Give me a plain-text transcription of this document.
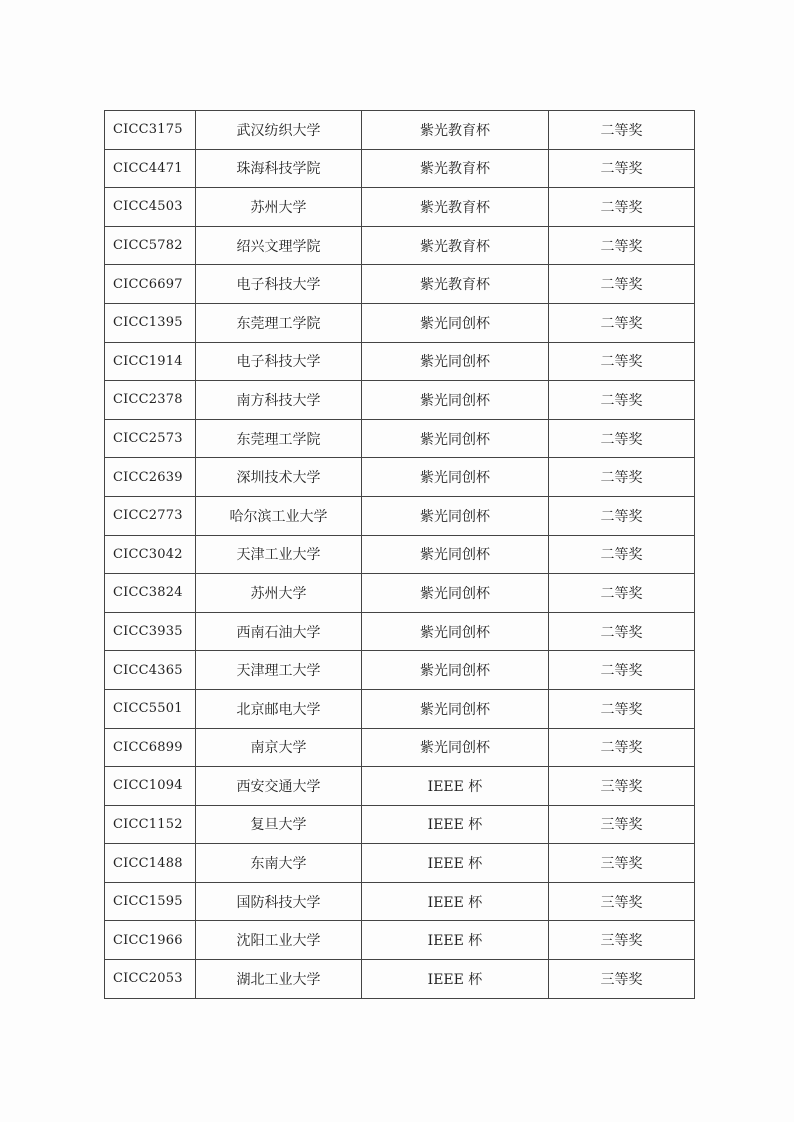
CICC3175	武汉纺织大学	紫光教育杯	二等奖
CICC4471	珠海科技学院	紫光教育杯	二等奖
CICC4503	苏州大学	紫光教育杯	二等奖
CICC5782	绍兴文理学院	紫光教育杯	二等奖
CICC6697	电子科技大学	紫光教育杯	二等奖
CICC1395	东莞理工学院	紫光同创杯	二等奖
CICC1914	电子科技大学	紫光同创杯	二等奖
CICC2378	南方科技大学	紫光同创杯	二等奖
CICC2573	东莞理工学院	紫光同创杯	二等奖
CICC2639	深圳技术大学	紫光同创杯	二等奖
CICC2773	哈尔滨工业大学	紫光同创杯	二等奖
CICC3042	天津工业大学	紫光同创杯	二等奖
CICC3824	苏州大学	紫光同创杯	二等奖
CICC3935	西南石油大学	紫光同创杯	二等奖
CICC4365	天津理工大学	紫光同创杯	二等奖
CICC5501	北京邮电大学	紫光同创杯	二等奖
CICC6899	南京大学	紫光同创杯	二等奖
CICC1094	西安交通大学	IEEE 杯	三等奖
CICC1152	复旦大学	IEEE 杯	三等奖
CICC1488	东南大学	IEEE 杯	三等奖
CICC1595	国防科技大学	IEEE 杯	三等奖
CICC1966	沈阳工业大学	IEEE 杯	三等奖
CICC2053	湖北工业大学	IEEE 杯	三等奖
